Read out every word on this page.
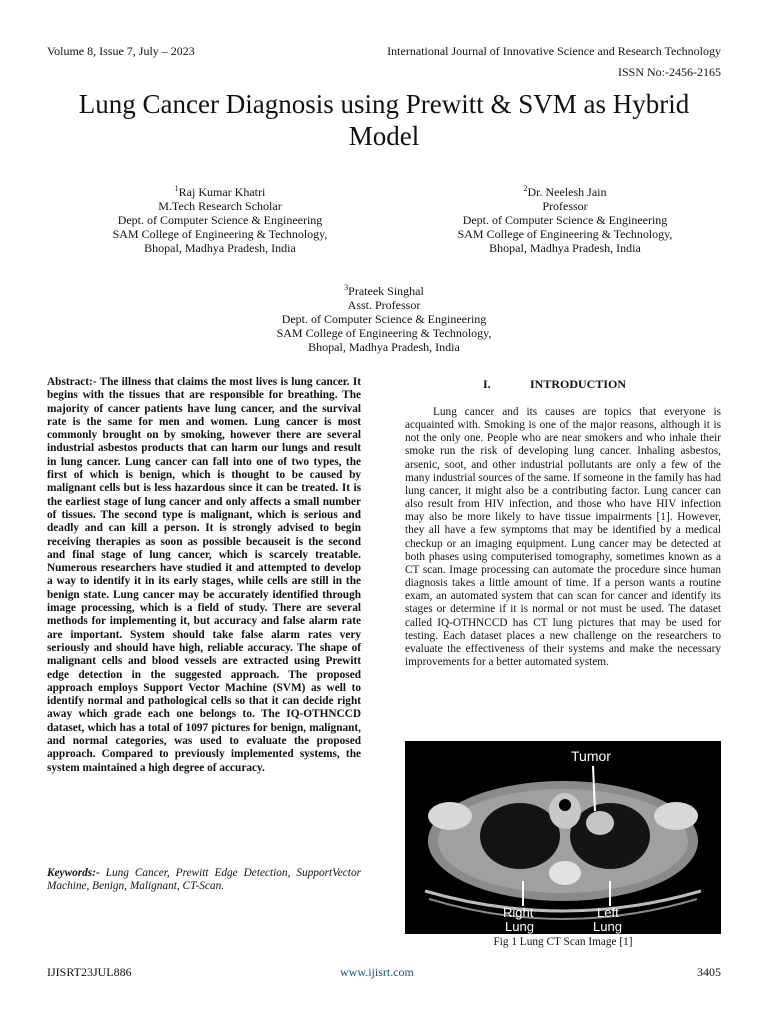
Volume 8, Issue 7, July – 2023	International Journal of Innovative Science and Research Technology
ISSN No:-2456-2165
Lung Cancer Diagnosis using Prewitt & SVM as Hybrid Model
$^1$Raj Kumar Khatri
M.Tech Research Scholar
Dept. of Computer Science & Engineering
SAM College of Engineering & Technology,
Bhopal, Madhya Pradesh, India
$^2$Dr. Neelesh Jain
Professor
Dept. of Computer Science & Engineering
SAM College of Engineering & Technology,
Bhopal, Madhya Pradesh, India
$^3$Prateek Singhal
Asst. Professor
Dept. of Computer Science & Engineering
SAM College of Engineering & Technology,
Bhopal, Madhya Pradesh, India
Abstract:- The illness that claims the most lives is lung cancer. It begins with the tissues that are responsible for breathing. The majority of cancer patients have lung cancer, and the survival rate is the same for men and women. Lung cancer is most commonly brought on by smoking, however there are several industrial asbestos products that can harm our lungs and result in lung cancer. Lung cancer can fall into one of two types, the first of which is benign, which is thought to be caused by malignant cells but is less hazardous since it can be treated. It is the earliest stage of lung cancer and only affects a small number of tissues. The second type is malignant, which is serious and deadly and can kill a person. It is strongly advised to begin receiving therapies as soon as possible becauseit is the second and final stage of lung cancer, which is scarcely treatable. Numerous researchers have studied it and attempted to develop a way to identify it in its early stages, while cells are still in the benign state. Lung cancer may be accurately identified through image processing, which is a field of study. There are several methods for implementing it, but accuracy and false alarm rate are important. System should take false alarm rates very seriously and should have high, reliable accuracy. The shape of malignant cells and blood vessels are extracted using Prewitt edge detection in the suggested approach. The proposed approach employs Support Vector Machine (SVM) as well to identify normal and pathological cells so that it can decide right away which grade each one belongs to. The IQ-OTHNCCD dataset, which has a total of 1097 pictures for benign, malignant, and normal categories, was used to evaluate the proposed approach. Compared to previously implemented systems, the system maintained a high degree of accuracy.
Keywords:- Lung Cancer, Prewitt Edge Detection, SupportVector Machine, Benign, Malignant, CT-Scan.
I.	INTRODUCTION
Lung cancer and its causes are topics that everyone is acquainted with. Smoking is one of the major reasons, although it is not the only one. People who are near smokers and who inhale their smoke run the risk of developing lung cancer. Inhaling asbestos, arsenic, soot, and other industrial pollutants are only a few of the many industrial sources of the same. If someone in the family has had lung cancer, it might also be a contributing factor. Lung cancer can also result from HIV infection, and those who have HIV infection may also be more likely to have tissue impairments [1]. However, they all have a few symptoms that may be identified by a medical checkup or an imaging equipment. Lung cancer may be detected at both phases using computerised tomography, sometimes known as a CT scan. Image processing can automate the procedure since human diagnosis takes a little amount of time. If a person wants a routine exam, an automated system that can scan for cancer and identify its stages or determine if it is normal or not must be used. The dataset called IQ-OTHNCCD has CT lung pictures that may be used for testing. Each dataset places a new challenge on the researchers to evaluate the effectiveness of their systems and make the necessary improvements for a better automated system.
Tumor
Right Lung
Left Lung
Fig 1 Lung CT Scan Image [1]
IJISRT23JUL886	www.ijisrt.com	3405
